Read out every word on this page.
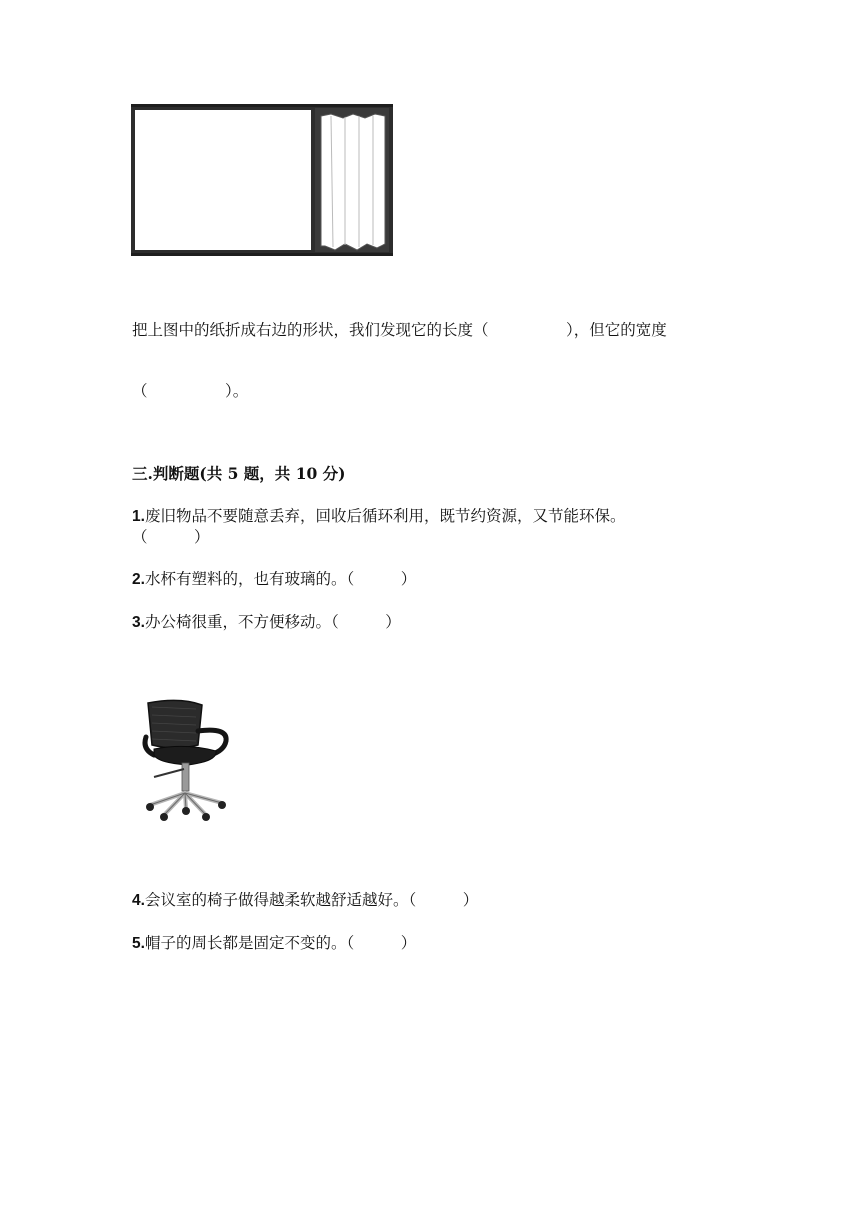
把上图中的纸折成右边的形状，我们发现它的长度（　　　　　），但它的宽度
（　　　　　）。
三.判断题(共 5 题，共 10 分)
1.废旧物品不要随意丢弃，回收后循环利用，既节约资源，又节能环保。
（　　　）
2.水杯有塑料的，也有玻璃的。（　　　）
3.办公椅很重，不方便移动。（　　　）
4.会议室的椅子做得越柔软越舒适越好。（　　　）
5.帽子的周长都是固定不变的。（　　　）
